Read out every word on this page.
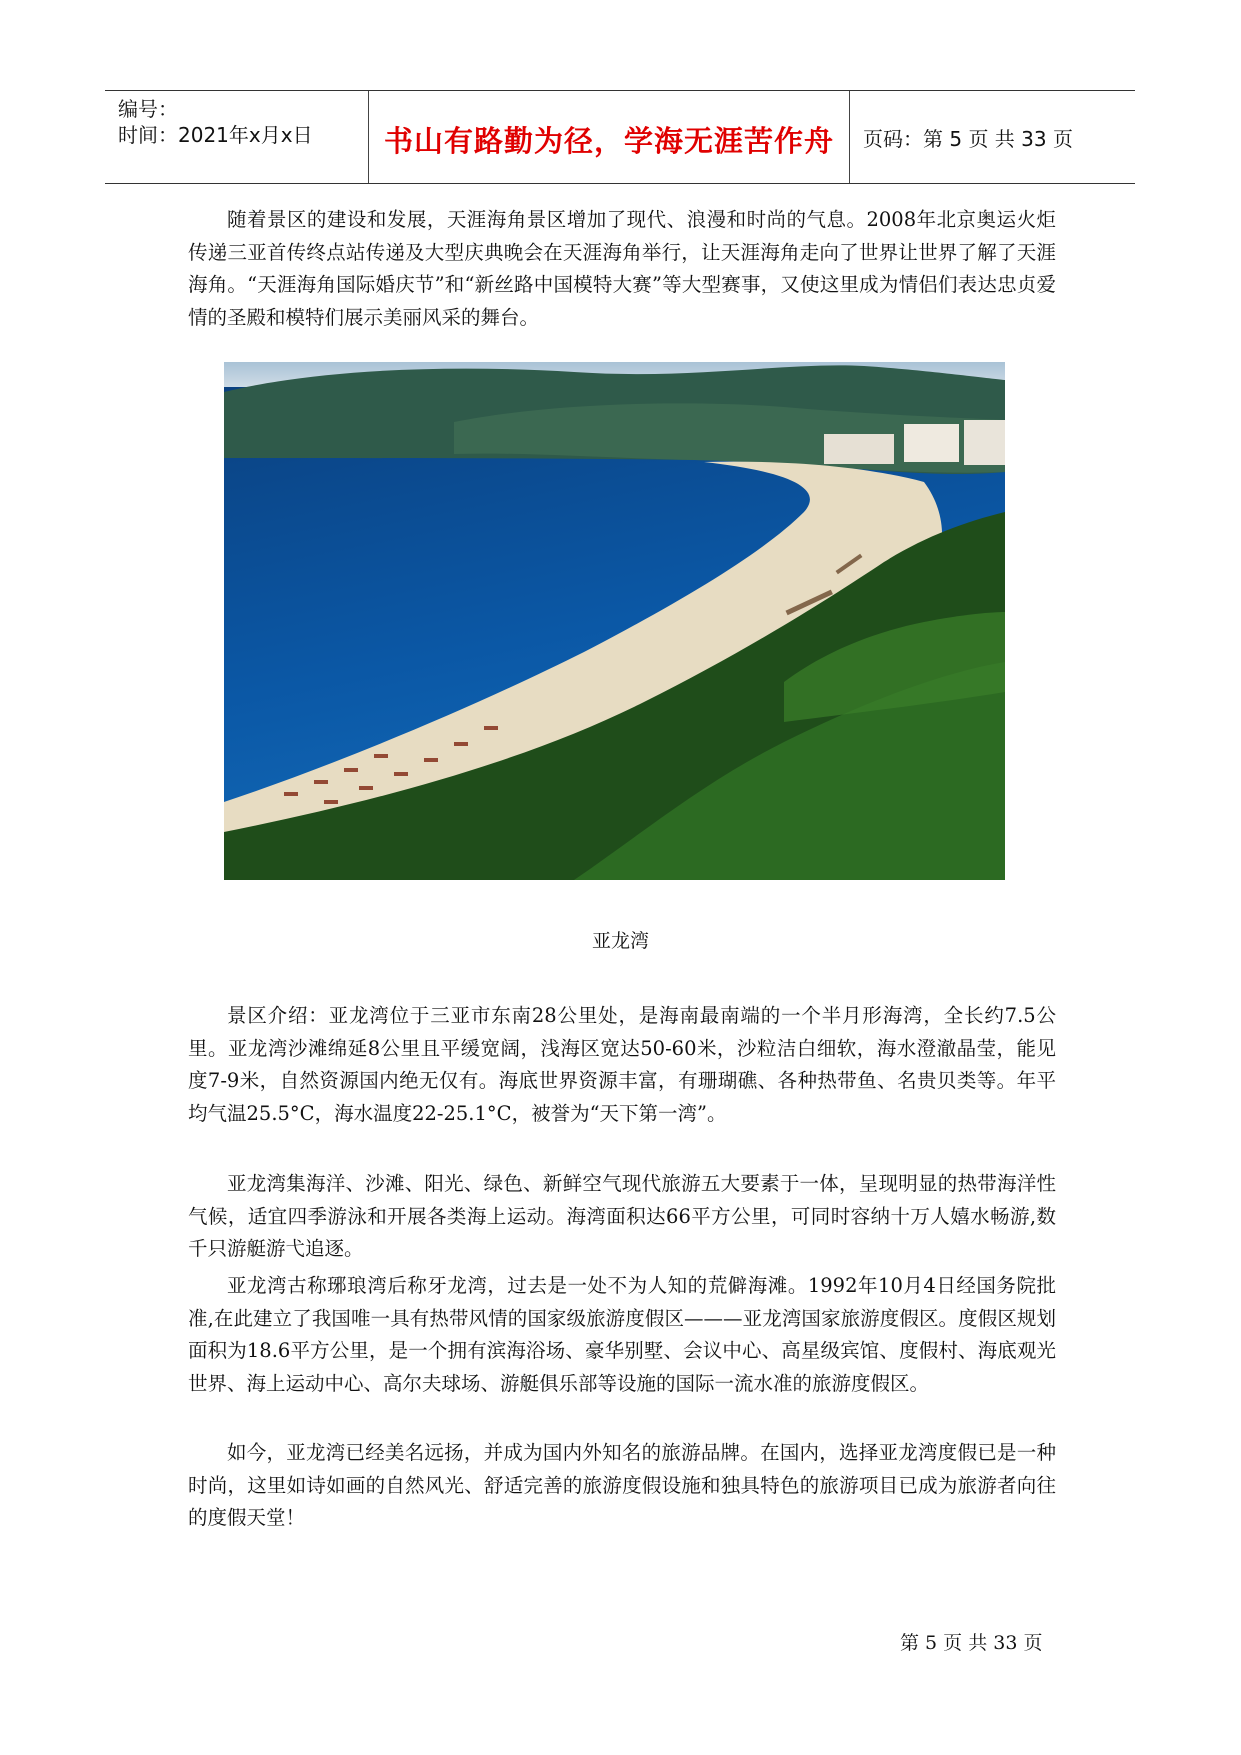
编号：
时间：2021年x月x日	书山有路勤为径，学海无涯苦作舟	页码：第 5 页 共 33 页

随着景区的建设和发展，天涯海角景区增加了现代、浪漫和时尚的气息。2008年北京奥运火炬传递三亚首传终点站传递及大型庆典晚会在天涯海角举行，让天涯海角走向了世界让世界了解了天涯海角。“天涯海角国际婚庆节”和“新丝路中国模特大赛”等大型赛事，又使这里成为情侣们表达忠贞爱情的圣殿和模特们展示美丽风采的舞台。

亚龙湾

景区介绍：亚龙湾位于三亚市东南28公里处，是海南最南端的一个半月形海湾，全长约7.5公里。亚龙湾沙滩绵延8公里且平缓宽阔，浅海区宽达50-60米，沙粒洁白细软，海水澄澈晶莹，能见度7-9米，自然资源国内绝无仅有。海底世界资源丰富，有珊瑚礁、各种热带鱼、名贵贝类等。年平均气温25.5°C，海水温度22-25.1°C，被誉为“天下第一湾”。

亚龙湾集海洋、沙滩、阳光、绿色、新鲜空气现代旅游五大要素于一体，呈现明显的热带海洋性气候，适宜四季游泳和开展各类海上运动。海湾面积达66平方公里，可同时容纳十万人嬉水畅游,数千只游艇游弋追逐。

亚龙湾古称琊琅湾后称牙龙湾，过去是一处不为人知的荒僻海滩。1992年10月4日经国务院批准,在此建立了我国唯一具有热带风情的国家级旅游度假区———亚龙湾国家旅游度假区。度假区规划面积为18.6平方公里，是一个拥有滨海浴场、豪华别墅、会议中心、高星级宾馆、度假村、海底观光世界、海上运动中心、高尔夫球场、游艇俱乐部等设施的国际一流水准的旅游度假区。

如今，亚龙湾已经美名远扬，并成为国内外知名的旅游品牌。在国内，选择亚龙湾度假已是一种时尚，这里如诗如画的自然风光、舒适完善的旅游度假设施和独具特色的旅游项目已成为旅游者向往的度假天堂！

第 5 页 共 33 页
